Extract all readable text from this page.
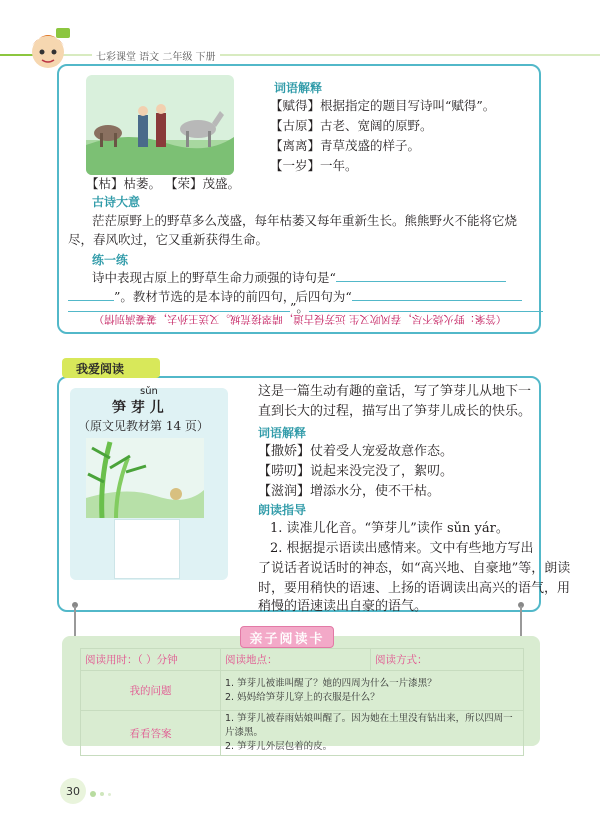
七彩课堂 语文 二年级 下册
词语解释
【赋得】根据指定的题目写诗叫“赋得”。
【古原】古老、宽阔的原野。
【离离】青草茂盛的样子。
【一岁】一年。
【枯】枯萎。 【荣】茂盛。
古诗大意
茫茫原野上的野草多么茂盛，每年枯萎又每年重新生长。熊熊野火不能将它烧
尽，春风吹过，它又重新获得生命。
练一练
诗中表现古原上的野草生命力顽强的诗句是“
”。教材节选的是本诗的前四句，后四句为“
”。
（答案：野火烧不尽，春风吹又生 远芳侵古道，晴翠接荒城。又送王孙去，萋萋满别情）
我爱阅读
sǔn
笋 芽 儿
（原文见教材第 14 页）
这是一篇生动有趣的童话，写了笋芽儿从地下一
直到长大的过程，描写出了笋芽儿成长的快乐。
词语解释
【撒娇】仗着受人宠爱故意作态。
【唠叨】说起来没完没了，絮叨。
【滋润】增添水分，使不干枯。
朗读指导
1. 读准儿化音。“笋芽儿”读作 sǔn yár。
2. 根据提示语读出感情来。文中有些地方写出
了说话者说话时的神态，如“高兴地、自豪地”等，朗读
时，要用稍快的语速、上扬的语调读出高兴的语气，用
稍慢的语速读出自豪的语气。
亲子阅读卡
阅读用时：（ ）分钟	阅读地点：	阅读方式：
我的问题	1. 笋芽儿被谁叫醒了？她的四周为什么一片漆黑？
2. 妈妈给笋芽儿穿上的衣服是什么？	

看看答案	1. 笋芽儿被春雨姑娘叫醒了。因为她在土里没有钻出来，所以四周一片漆黑。
2. 笋芽儿外层包着的皮。	
30
